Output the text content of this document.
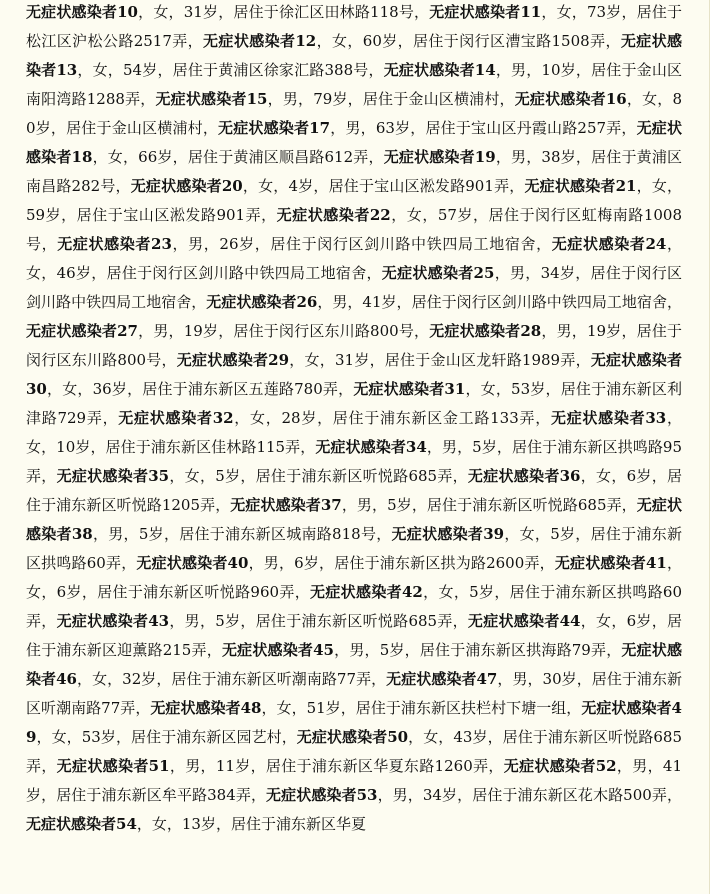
无症状感染者10，女，31岁，居住于徐汇区田林路118号，无症状感染者11，女，73岁，居住于松江区沪松公路2517弄，无症状感染者12，女，60岁，居住于闵行区漕宝路1508弄，无症状感染者13，女，54岁，居住于黄浦区徐家汇路388号，无症状感染者14，男，10岁，居住于金山区南阳湾路1288弄，无症状感染者15，男，79岁，居住于金山区横浦村，无症状感染者16，女，80岁，居住于金山区横浦村，无症状感染者17，男，63岁，居住于宝山区丹霞山路257弄，无症状感染者18，女，66岁，居住于黄浦区顺昌路612弄，无症状感染者19，男，38岁，居住于黄浦区南昌路282号，无症状感染者20，女，4岁，居住于宝山区淞发路901弄，无症状感染者21，女，59岁，居住于宝山区淞发路901弄，无症状感染者22，女，57岁，居住于闵行区虹梅南路1008号，无症状感染者23，男，26岁，居住于闵行区剑川路中铁四局工地宿舍，无症状感染者24，女，46岁，居住于闵行区剑川路中铁四局工地宿舍，无症状感染者25，男，34岁，居住于闵行区剑川路中铁四局工地宿舍，无症状感染者26，男，41岁，居住于闵行区剑川路中铁四局工地宿舍，无症状感染者27，男，19岁，居住于闵行区东川路800号，无症状感染者28，男，19岁，居住于闵行区东川路800号，无症状感染者29，女，31岁，居住于金山区龙轩路1989弄，无症状感染者30，女，36岁，居住于浦东新区五莲路780弄，无症状感染者31，女，53岁，居住于浦东新区利津路729弄，无症状感染者32，女，28岁，居住于浦东新区金工路133弄，无症状感染者33，女，10岁，居住于浦东新区佳林路115弄，无症状感染者34，男，5岁，居住于浦东新区拱鸣路95弄，无症状感染者35，女，5岁，居住于浦东新区听悦路685弄，无症状感染者36，女，6岁，居住于浦东新区听悦路1205弄，无症状感染者37，男，5岁，居住于浦东新区听悦路685弄，无症状感染者38，男，5岁，居住于浦东新区城南路818号，无症状感染者39，女，5岁，居住于浦东新区拱鸣路60弄，无症状感染者40，男，6岁，居住于浦东新区拱为路2600弄，无症状感染者41，女，6岁，居住于浦东新区听悦路960弄，无症状感染者42，女，5岁，居住于浦东新区拱鸣路60弄，无症状感染者43，男，5岁，居住于浦东新区听悦路685弄，无症状感染者44，女，6岁，居住于浦东新区迎薰路215弄，无症状感染者45，男，5岁，居住于浦东新区拱海路79弄，无症状感染者46，女，32岁，居住于浦东新区听潮南路77弄，无症状感染者47，男，30岁，居住于浦东新区听潮南路77弄，无症状感染者48，女，51岁，居住于浦东新区扶栏村下塘一组，无症状感染者49，女，53岁，居住于浦东新区园艺村，无症状感染者50，女，43岁，居住于浦东新区听悦路685弄，无症状感染者51，男，11岁，居住于浦东新区华夏东路1260弄，无症状感染者52，男，41岁，居住于浦东新区牟平路384弄，无症状感染者53，男，34岁，居住于浦东新区花木路500弄，无症状感染者54，女，13岁，居住于浦东新区华夏
